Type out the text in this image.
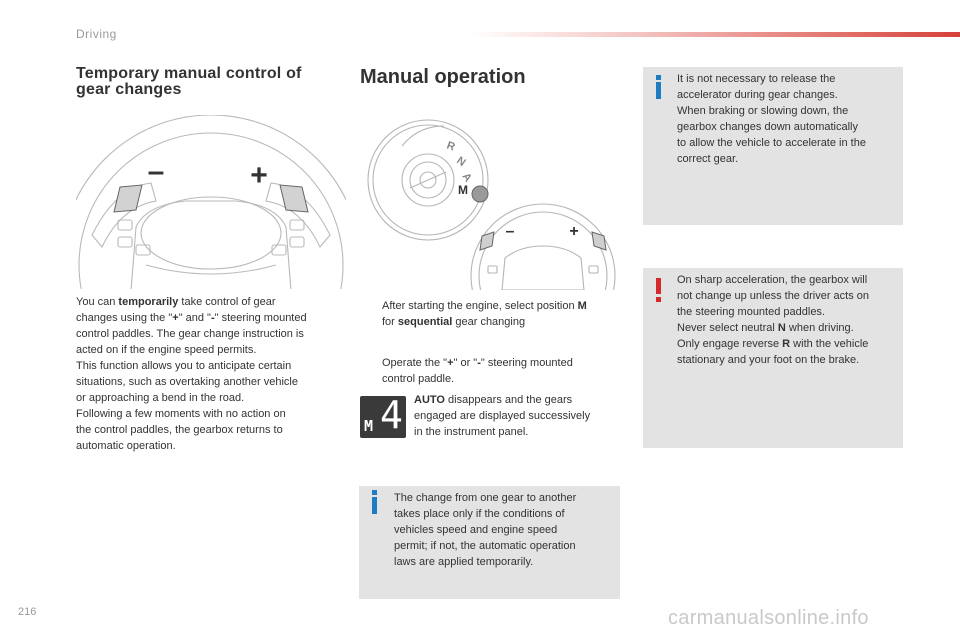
Driving
Temporary manual control of
gear changes
–	+

You can temporarily take control of gear

changes using the "+" and "-" steering mounted

control paddles. The gear change instruction is

acted on if the engine speed permits.

This function allows you to anticipate certain

situations, such as overtaking another vehicle

or approaching a bend in the road.

Following a few moments with no action on

the control paddles, the gearbox returns to

automatic operation.

Manual operation
R
N
A
M
–	+
After starting the engine, select position M
for sequential gear changing
Operate the "+" or "-" steering mounted
control paddle.
M 4 AUTO disappears and the gears

engaged are displayed successively

in the instrument panel.

The change from one gear to another

takes place only if the conditions of

vehicles speed and engine speed

permit; if not, the automatic operation

laws are applied temporarily.

It is not necessary to release the

accelerator during gear changes.

When braking or slowing down, the

gearbox changes down automatically

to allow the vehicle to accelerate in the

correct gear.

On sharp acceleration, the gearbox will

not change up unless the driver acts on

the steering mounted paddles.

Never select neutral N when driving.

Only engage reverse R with the vehicle

stationary and your foot on the brake.

216	carmanualsonline.info
